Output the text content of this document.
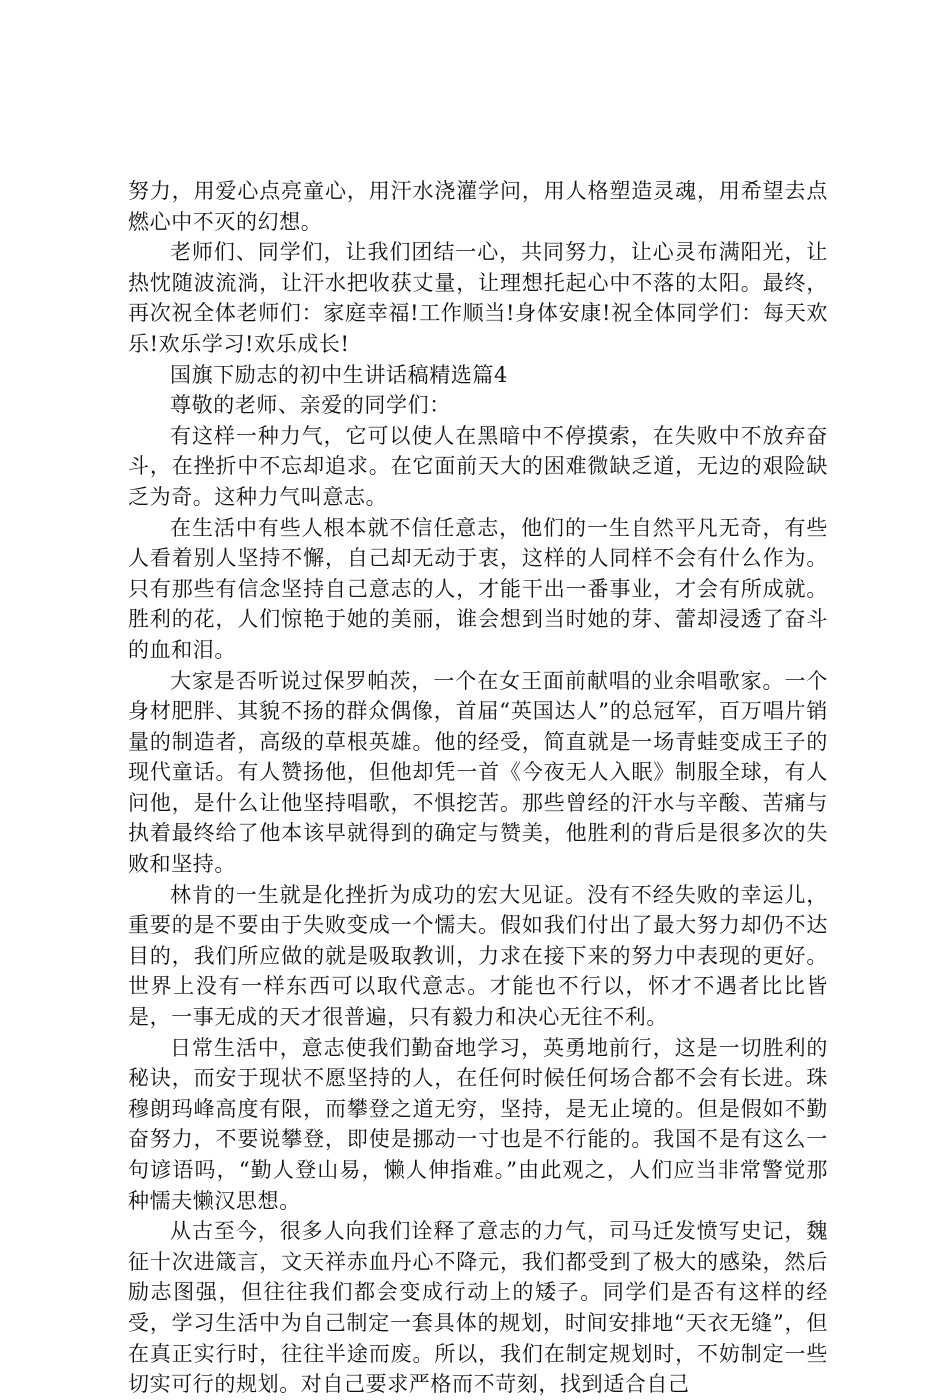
努力，用爱心点亮童心，用汗水浇灌学问，用人格塑造灵魂，用希望去点燃心中不灭的幻想。

老师们、同学们，让我们团结一心，共同努力，让心灵布满阳光，让热忱随波流淌，让汗水把收获丈量，让理想托起心中不落的太阳。最终，再次祝全体老师们：家庭幸福!工作顺当!身体安康!祝全体同学们：每天欢乐!欢乐学习!欢乐成长!

国旗下励志的初中生讲话稿精选篇4

尊敬的老师、亲爱的同学们：

有这样一种力气，它可以使人在黑暗中不停摸索，在失败中不放弃奋斗，在挫折中不忘却追求。在它面前天大的困难微缺乏道，无边的艰险缺乏为奇。这种力气叫意志。

在生活中有些人根本就不信任意志，他们的一生自然平凡无奇，有些人看着别人坚持不懈，自己却无动于衷，这样的人同样不会有什么作为。只有那些有信念坚持自己意志的人，才能干出一番事业，才会有所成就。胜利的花，人们惊艳于她的美丽，谁会想到当时她的芽、蕾却浸透了奋斗的血和泪。

大家是否听说过保罗帕茨，一个在女王面前献唱的业余唱歌家。一个身材肥胖、其貌不扬的群众偶像，首届“英国达人”的总冠军，百万唱片销量的制造者，高级的草根英雄。他的经受，简直就是一场青蛙变成王子的现代童话。有人赞扬他，但他却凭一首《今夜无人入眠》制服全球，有人问他，是什么让他坚持唱歌，不惧挖苦。那些曾经的汗水与辛酸、苦痛与执着最终给了他本该早就得到的确定与赞美，他胜利的背后是很多次的失败和坚持。

林肯的一生就是化挫折为成功的宏大见证。没有不经失败的幸运儿，重要的是不要由于失败变成一个懦夫。假如我们付出了最大努力却仍不达目的，我们所应做的就是吸取教训，力求在接下来的努力中表现的更好。世界上没有一样东西可以取代意志。才能也不行以，怀才不遇者比比皆是，一事无成的天才很普遍，只有毅力和决心无往不利。

日常生活中，意志使我们勤奋地学习，英勇地前行，这是一切胜利的秘诀，而安于现状不愿坚持的人，在任何时候任何场合都不会有长进。珠穆朗玛峰高度有限，而攀登之道无穷，坚持，是无止境的。但是假如不勤奋努力，不要说攀登，即使是挪动一寸也是不行能的。我国不是有这么一句谚语吗，“勤人登山易，懒人伸指难。”由此观之，人们应当非常警觉那种懦夫懒汉思想。

从古至今，很多人向我们诠释了意志的力气，司马迁发愤写史记，魏征十次进箴言，文天祥赤血丹心不降元，我们都受到了极大的感染，然后励志图强，但往往我们都会变成行动上的矮子。同学们是否有这样的经受，学习生活中为自己制定一套具体的规划，时间安排地“天衣无缝”，但在真正实行时，往往半途而废。所以，我们在制定规划时，不妨制定一些切实可行的规划。对自己要求严格而不苛刻，找到适合自己
